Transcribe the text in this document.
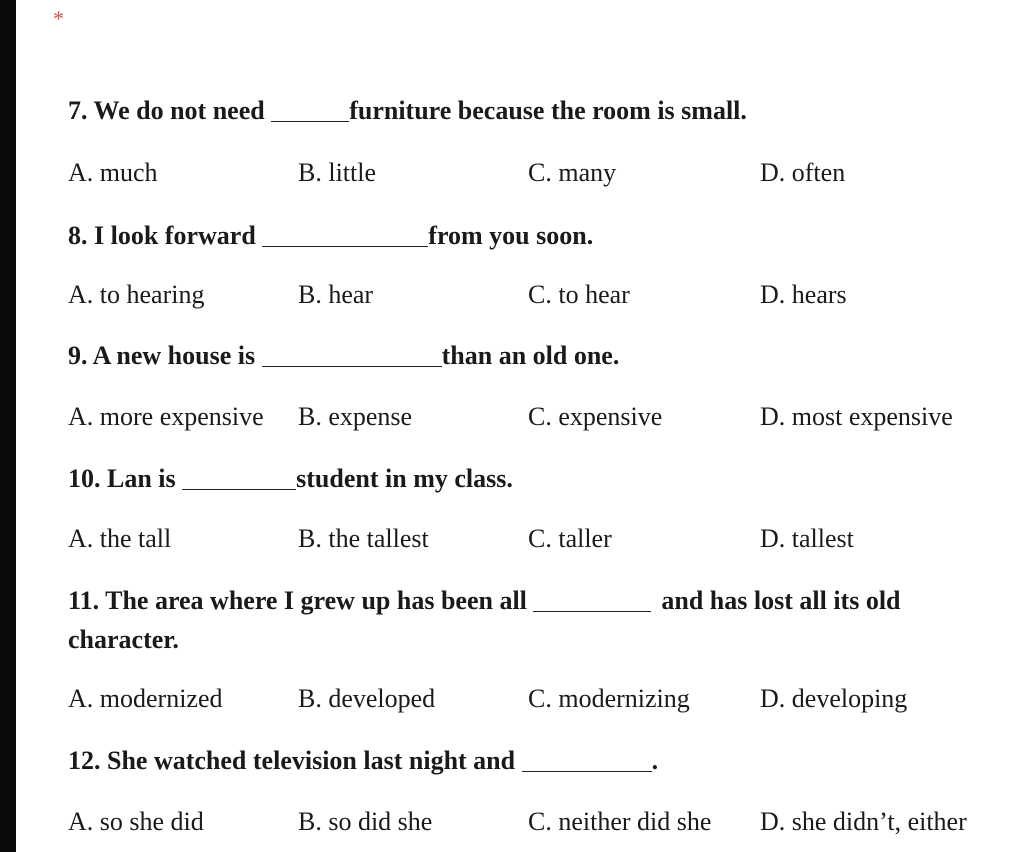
*
7. We do not need	furniture because the room is small.
A. much	B. little	C. many	D. often
8. I look forward	from you soon.
A. to hearing	B. hear	C. to hear	D. hears
9. A new house is	than an old one.
A. more expensive B. expense	C. expensive	D. most expensive
10. Lan is	student in my class.
A. the tall	B. the tallest	C. taller	D. tallest
11. The area where I grew up has been all	and has lost all its old
character.
A. modernized	B. developed	C. modernizing	D. developing
12. She watched television last night and	.
A. so she did	B. so did she	C. neither did she D. she didn’t, either
